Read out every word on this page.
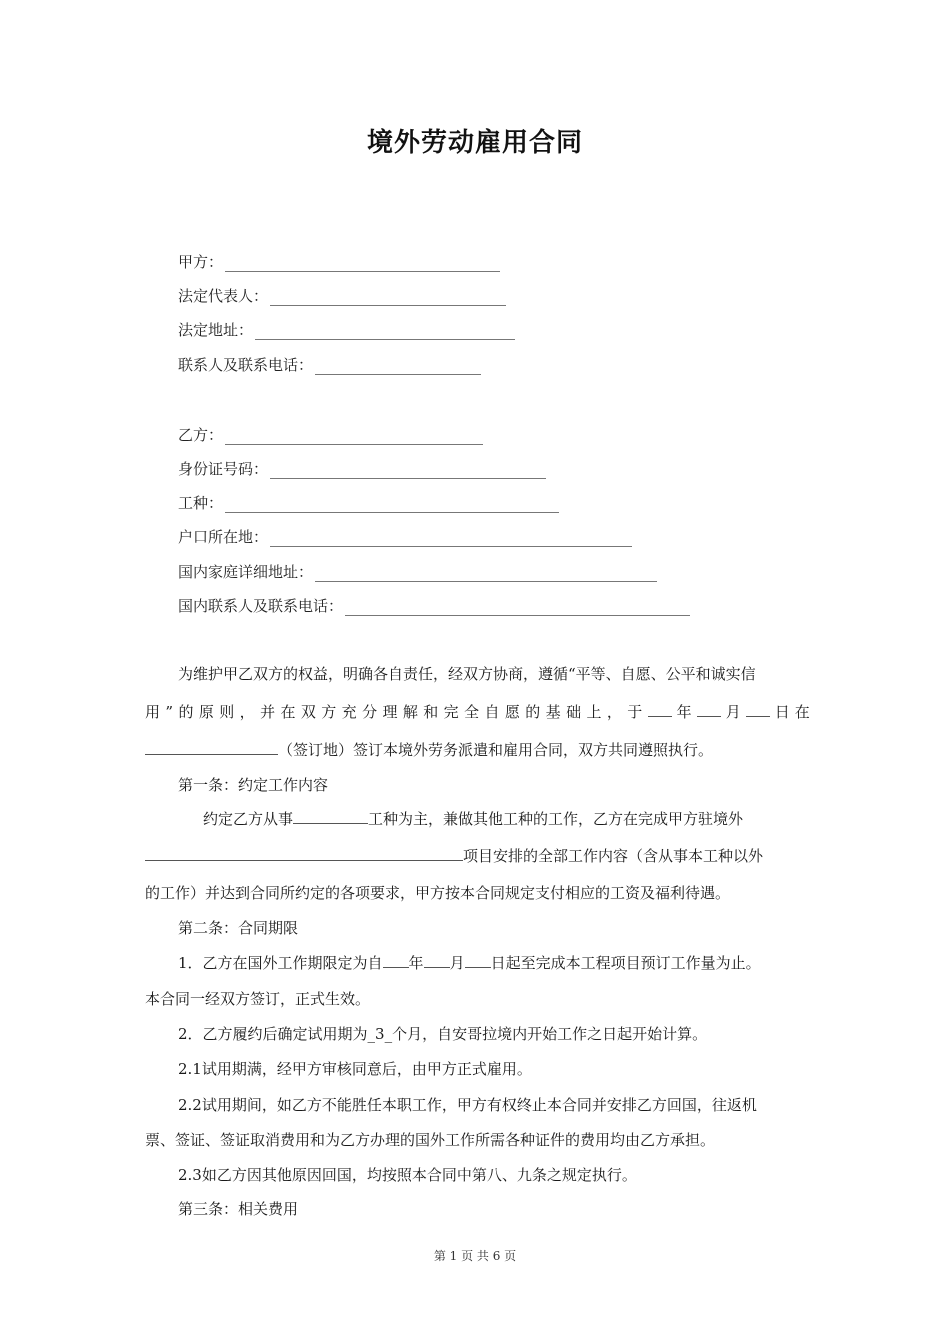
境外劳动雇用合同
甲方：
法定代表人：
法定地址：
联系人及联系电话：
乙方：
身份证号码：
工种：
户口所在地：
国内家庭详细地址：
国内联系人及联系电话：
为维护甲乙双方的权益，明确各自责任，经双方协商，遵循“平等、自愿、公平和诚实信
用”的原则，并在双方充分理解和完全自愿的基础上，于	年 月 日在
（签订地）签订本境外劳务派遣和雇用合同，双方共同遵照执行。
第一条：约定工作内容
约定乙方从事	工种为主，兼做其他工种的工作，乙方在完成甲方驻境外
项目安排的全部工作内容（含从事本工种以外
的工作）并达到合同所约定的各项要求，甲方按本合同规定支付相应的工资及福利待遇。
第二条：合同期限
1．乙方在国外工作期限定为自 年 月 日起至完成本工程项目预订工作量为止。
本合同一经双方签订，正式生效。
2．乙方履约后确定试用期为_3_个月，自安哥拉境内开始工作之日起开始计算。
2.1试用期满，经甲方审核同意后，由甲方正式雇用。
2.2试用期间，如乙方不能胜任本职工作，甲方有权终止本合同并安排乙方回国，往返机
票、签证、签证取消费用和为乙方办理的国外工作所需各种证件的费用均由乙方承担。
2.3如乙方因其他原因回国，均按照本合同中第八、九条之规定执行。
第三条：相关费用
第 1 页 共 6 页
